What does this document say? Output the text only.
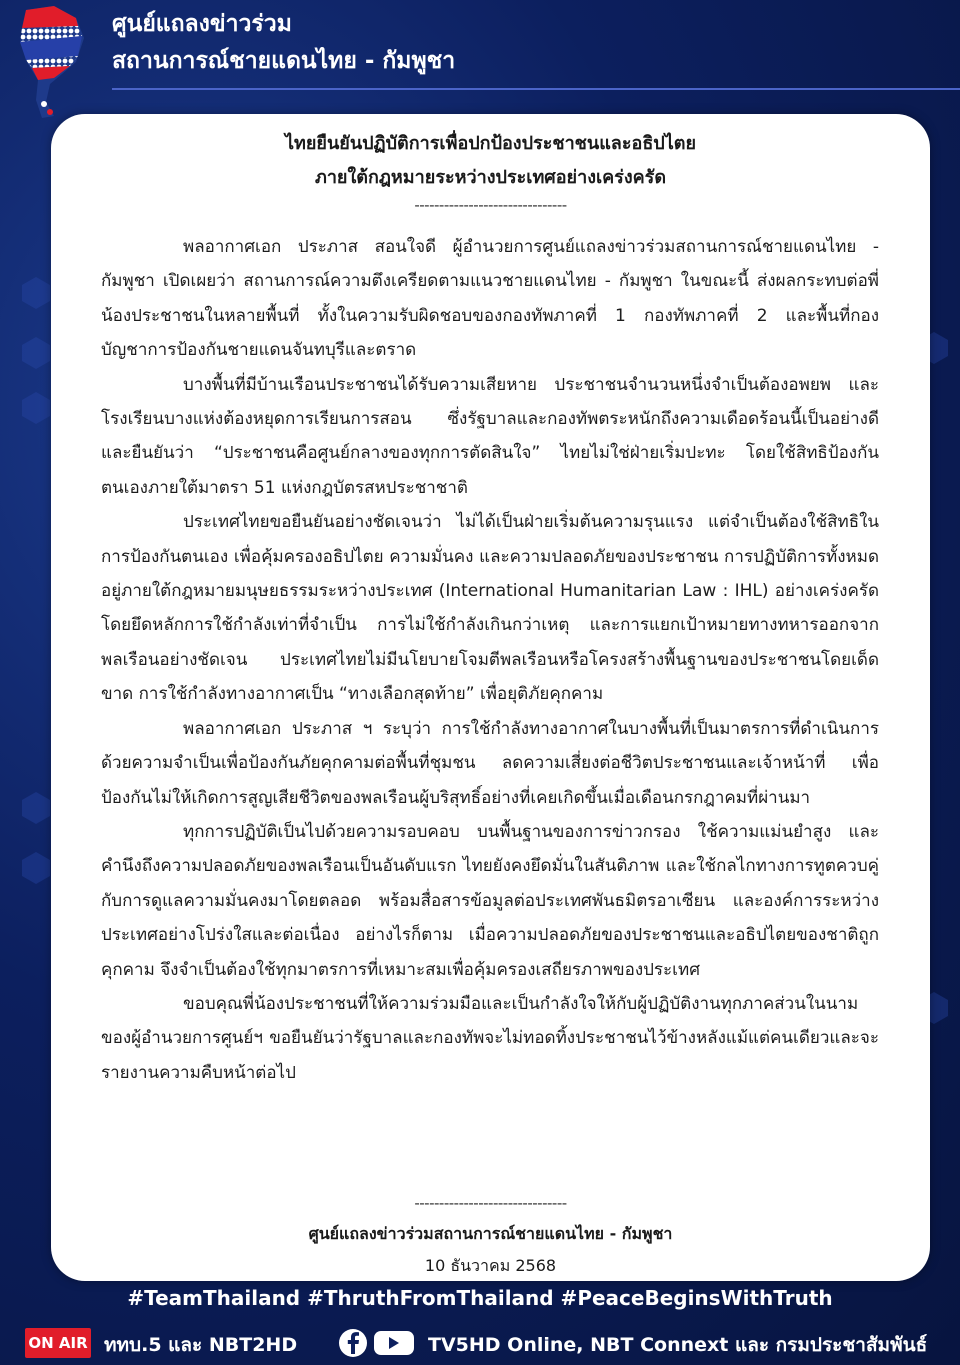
ศูนย์แถลงข่าวร่วม
สถานการณ์ชายแดนไทย - กัมพูชา
ไทยยืนยันปฏิบัติการเพื่อปกป้องประชาชนและอธิปไตย
ภายใต้กฎหมายระหว่างประเทศอย่างเคร่งครัด
-------------------------------

พลอากาศเอก ประภาส สอนใจดี ผู้อำนวยการศูนย์แถลงข่าวร่วมสถานการณ์ชายแดนไทย - กัมพูชา เปิดเผยว่า สถานการณ์ความตึงเครียดตามแนวชายแดนไทย - กัมพูชา ในขณะนี้ ส่งผลกระทบต่อพี่น้องประชาชนในหลายพื้นที่ ทั้งในความรับผิดชอบของกองทัพภาคที่ 1 กองทัพภาคที่ 2 และพื้นที่กองบัญชาการป้องกันชายแดนจันทบุรีและตราด

บางพื้นที่มีบ้านเรือนประชาชนได้รับความเสียหาย ประชาชนจำนวนหนึ่งจำเป็นต้องอพยพ และโรงเรียนบางแห่งต้องหยุดการเรียนการสอน ซึ่งรัฐบาลและกองทัพตระหนักถึงความเดือดร้อนนี้เป็นอย่างดี และยืนยันว่า “ประชาชนคือศูนย์กลางของทุกการตัดสินใจ” ไทยไม่ใช่ฝ่ายเริ่มปะทะ โดยใช้สิทธิป้องกันตนเองภายใต้มาตรา 51 แห่งกฎบัตรสหประชาชาติ

ประเทศไทยขอยืนยันอย่างชัดเจนว่า ไม่ได้เป็นฝ่ายเริ่มต้นความรุนแรง แต่จำเป็นต้องใช้สิทธิในการป้องกันตนเอง เพื่อคุ้มครองอธิปไตย ความมั่นคง และความปลอดภัยของประชาชน การปฏิบัติการทั้งหมดอยู่ภายใต้กฎหมายมนุษยธรรมระหว่างประเทศ (International Humanitarian Law : IHL) อย่างเคร่งครัด โดยยึดหลักการใช้กำลังเท่าที่จำเป็น การไม่ใช้กำลังเกินกว่าเหตุ และการแยกเป้าหมายทางทหารออกจากพลเรือนอย่างชัดเจน ประเทศไทยไม่มีนโยบายโจมตีพลเรือนหรือโครงสร้างพื้นฐานของประชาชนโดยเด็ดขาด การใช้กำลังทางอากาศเป็น “ทางเลือกสุดท้าย” เพื่อยุติภัยคุกคาม

พลอากาศเอก ประภาส ฯ ระบุว่า การใช้กำลังทางอากาศในบางพื้นที่เป็นมาตรการที่ดำเนินการด้วยความจำเป็นเพื่อป้องกันภัยคุกคามต่อพื้นที่ชุมชน ลดความเสี่ยงต่อชีวิตประชาชนและเจ้าหน้าที่ เพื่อป้องกันไม่ให้เกิดการสูญเสียชีวิตของพลเรือนผู้บริสุทธิ์อย่างที่เคยเกิดขึ้นเมื่อเดือนกรกฎาคมที่ผ่านมา

ทุกการปฏิบัติเป็นไปด้วยความรอบคอบ บนพื้นฐานของการข่าวกรอง ใช้ความแม่นยำสูง และคำนึงถึงความปลอดภัยของพลเรือนเป็นอันดับแรก ไทยยังคงยึดมั่นในสันติภาพ และใช้กลไกทางการทูตควบคู่กับการดูแลความมั่นคงมาโดยตลอด พร้อมสื่อสารข้อมูลต่อประเทศพันธมิตรอาเซียน และองค์การระหว่างประเทศอย่างโปร่งใสและต่อเนื่อง อย่างไรก็ตาม เมื่อความปลอดภัยของประชาชนและอธิปไตยของชาติถูกคุกคาม จึงจำเป็นต้องใช้ทุกมาตรการที่เหมาะสมเพื่อคุ้มครองเสถียรภาพของประเทศ

ขอบคุณพี่น้องประชาชนที่ให้ความร่วมมือและเป็นกำลังใจให้กับผู้ปฏิบัติงานทุกภาคส่วนในนามของผู้อำนวยการศูนย์ฯ ขอยืนยันว่ารัฐบาลและกองทัพจะไม่ทอดทิ้งประชาชนไว้ข้างหลังแม้แต่คนเดียวและจะรายงานความคืบหน้าต่อไป

-------------------------------
ศูนย์แถลงข่าวร่วมสถานการณ์ชายแดนไทย - กัมพูชา
10 ธันวาคม 2568
#TeamThailand #ThruthFromThailand #PeaceBeginsWithTruth
ON AIR ททบ.5 และ NBT2HD	TV5HD Online, NBT Connext และ กรมประชาสัมพันธ์
